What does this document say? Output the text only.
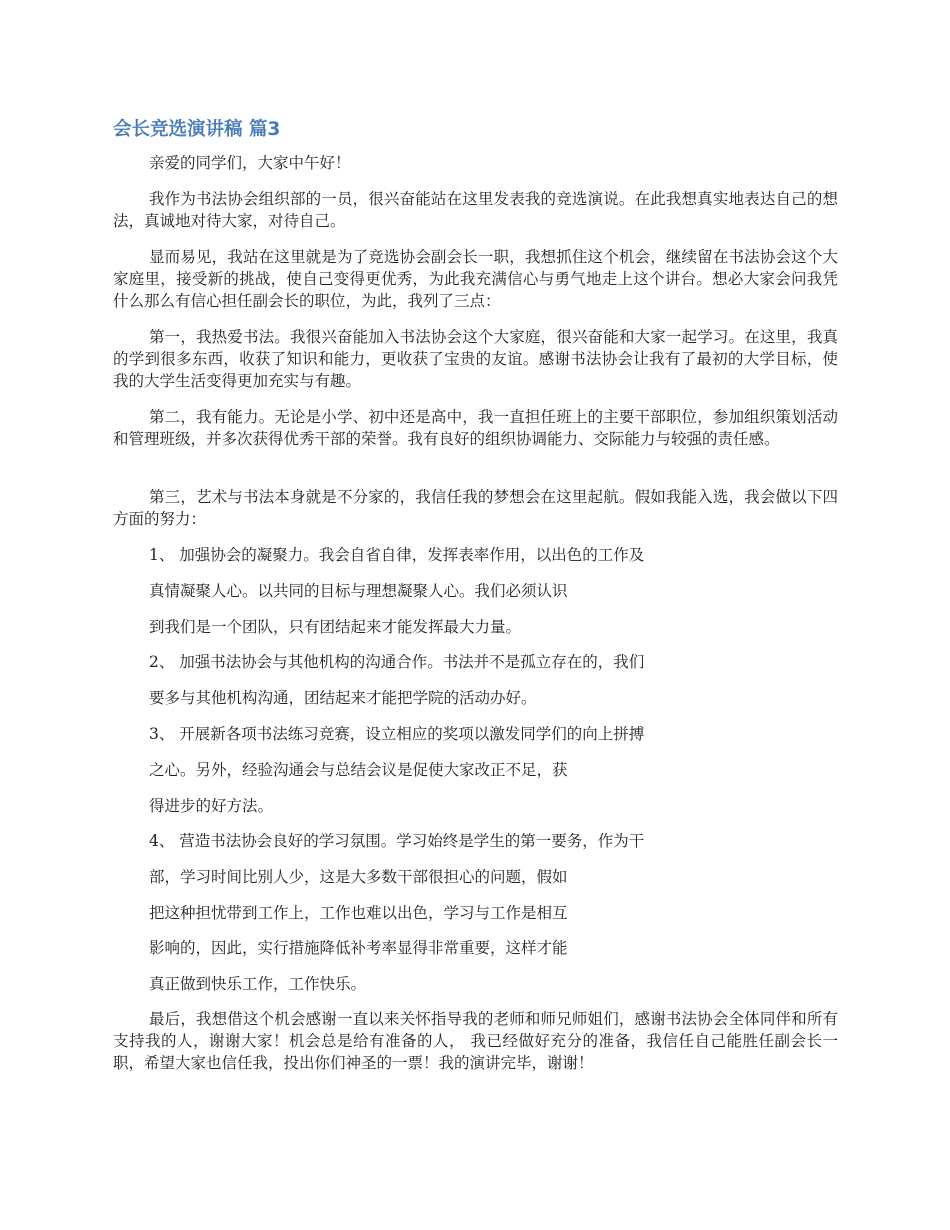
会长竞选演讲稿 篇3

亲爱的同学们，大家中午好！

我作为书法协会组织部的一员，很兴奋能站在这里发表我的竞选演说。在此我想真实地表达自己的想法，真诚地对待大家，对待自己。

显而易见，我站在这里就是为了竞选协会副会长一职，我想抓住这个机会，继续留在书法协会这个大家庭里，接受新的挑战，使自己变得更优秀，为此我充满信心与勇气地走上这个讲台。想必大家会问我凭什么那么有信心担任副会长的职位，为此，我列了三点：

第一，我热爱书法。我很兴奋能加入书法协会这个大家庭，很兴奋能和大家一起学习。在这里，我真的学到很多东西，收获了知识和能力，更收获了宝贵的友谊。感谢书法协会让我有了最初的大学目标，使我的大学生活变得更加充实与有趣。

第二，我有能力。无论是小学、初中还是高中，我一直担任班上的主要干部职位，参加组织策划活动和管理班级，并多次获得优秀干部的荣誉。我有良好的组织协调能力、交际能力与较强的责任感。

第三，艺术与书法本身就是不分家的，我信任我的梦想会在这里起航。假如我能入选，我会做以下四方面的努力：

1、 加强协会的凝聚力。我会自省自律，发挥表率作用，以出色的工作及

真情凝聚人心。以共同的目标与理想凝聚人心。我们必须认识

到我们是一个团队，只有团结起来才能发挥最大力量。

2、 加强书法协会与其他机构的沟通合作。书法并不是孤立存在的，我们

要多与其他机构沟通，团结起来才能把学院的活动办好。

3、 开展新各项书法练习竞赛，设立相应的奖项以激发同学们的向上拼搏

之心。另外，经验沟通会与总结会议是促使大家改正不足，获

得进步的好方法。

4、 营造书法协会良好的学习氛围。学习始终是学生的第一要务，作为干

部，学习时间比别人少，这是大多数干部很担心的问题，假如

把这种担忧带到工作上，工作也难以出色，学习与工作是相互

影响的，因此，实行措施降低补考率显得非常重要，这样才能

真正做到快乐工作，工作快乐。

最后，我想借这个机会感谢一直以来关怀指导我的老师和师兄师姐们，感谢书法协会全体同伴和所有支持我的人，谢谢大家！机会总是给有准备的人， 我已经做好充分的准备，我信任自己能胜任副会长一职，希望大家也信任我，投出你们神圣的一票！我的演讲完毕，谢谢！
